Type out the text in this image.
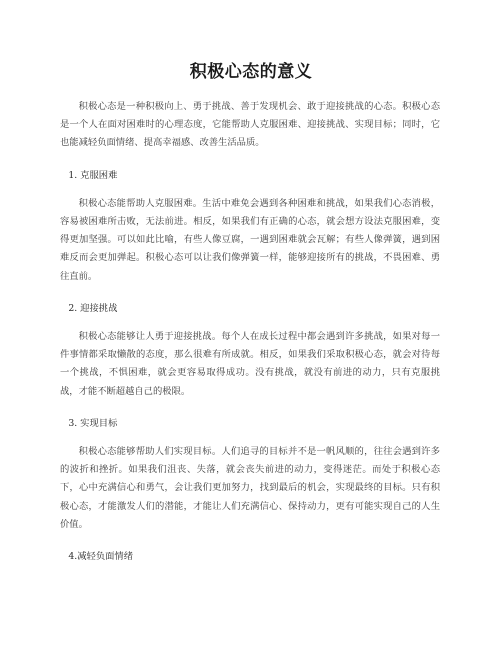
积极心态的意义

积极心态是一种积极向上、勇于挑战、善于发现机会、敢于迎接挑战的心态。积极心态是一个人在面对困难时的心理态度，它能帮助人克服困难、迎接挑战、实现目标；同时，它也能减轻负面情绪、提高幸福感、改善生活品质。

1. 克服困难

积极心态能帮助人克服困难。生活中难免会遇到各种困难和挑战，如果我们心态消极，容易被困难所击败，无法前进。相反，如果我们有正确的心态，就会想方设法克服困难，变得更加坚强。可以如此比喻，有些人像豆腐，一遇到困难就会瓦解；有些人像弹簧，遇到困难反而会更加弹起。积极心态可以让我们像弹簧一样，能够迎接所有的挑战，不畏困难、勇往直前。

2. 迎接挑战

积极心态能够让人勇于迎接挑战。每个人在成长过程中都会遇到许多挑战，如果对每一件事情都采取懒散的态度，那么很难有所成就。相反，如果我们采取积极心态，就会对待每一个挑战，不惧困难，就会更容易取得成功。没有挑战，就没有前进的动力，只有克服挑战，才能不断超越自己的极限。

3. 实现目标

积极心态能够帮助人们实现目标。人们追寻的目标并不是一帆风顺的，往往会遇到许多的波折和挫折。如果我们沮丧、失落，就会丧失前进的动力，变得迷茫。而处于积极心态下，心中充满信心和勇气，会让我们更加努力，找到最后的机会，实现最终的目标。只有积极心态，才能激发人们的潜能，才能让人们充满信心、保持动力，更有可能实现自己的人生价值。

4.减轻负面情绪
